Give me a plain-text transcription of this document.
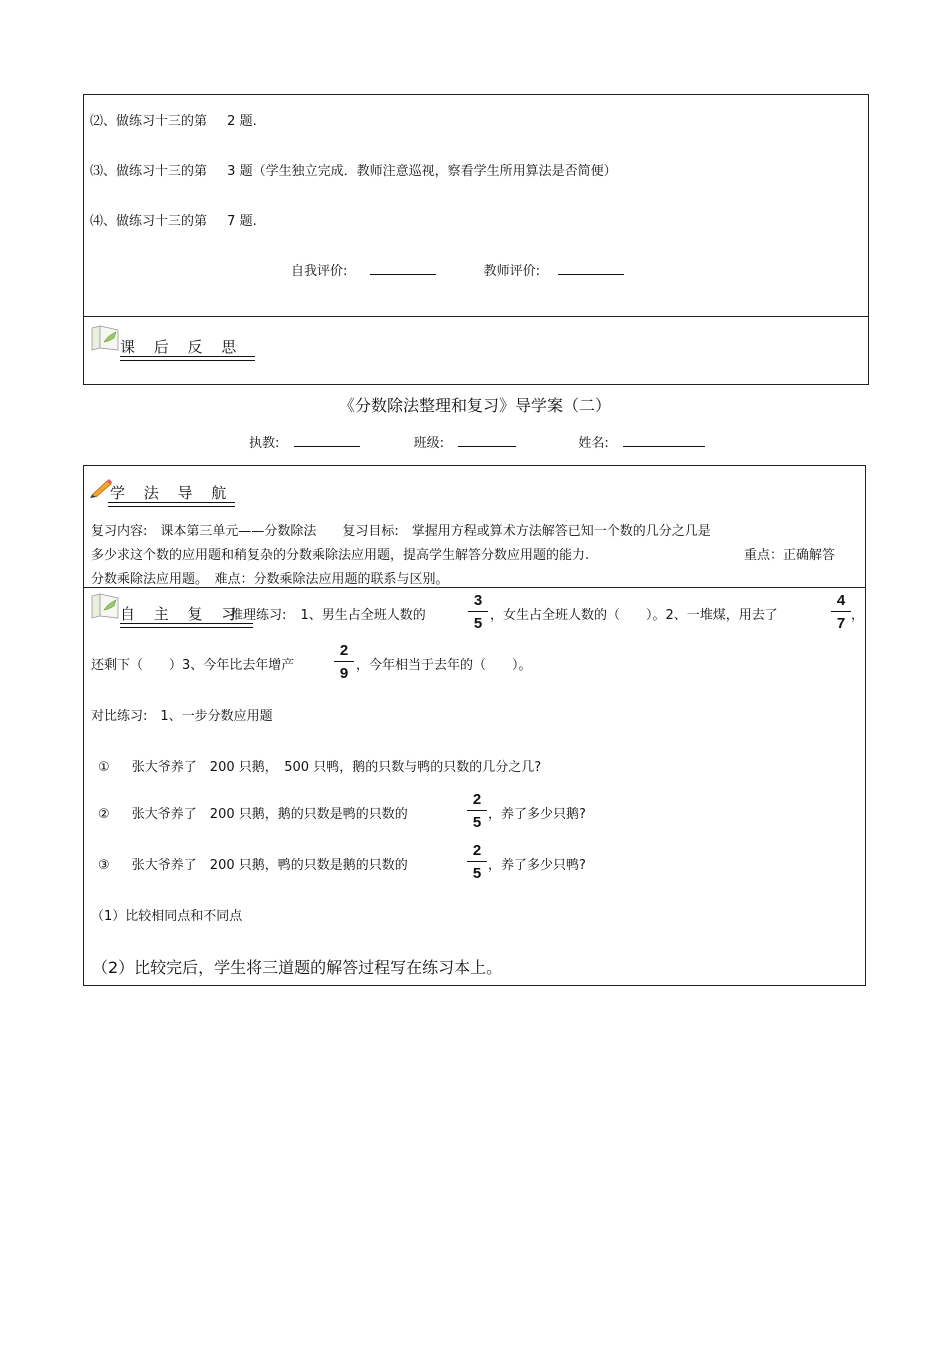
⑵、做练习十三的第 2 题.
⑶、做练习十三的第 3 题（学生独立完成．教师注意巡视，察看学生所用算法是否简便）
⑷、做练习十三的第 7 题.
自我评价:	教师评价:
课 后 反 思
《分数除法整理和复习》导学案（二）
执教:	班级:	姓名:
学 法 导 航
复习内容:　课本第三单元——分数除法　　复习目标:　掌握用方程或算术方法解答已知一个数的几分之几是
多少求这个数的应用题和稍复杂的分数乘除法应用题，提高学生解答分数应用题的能力.	重点：正确解答
分数乘除法应用题。　难点：分数乘除法应用题的联系与区别。
自 主 复 习
推理练习: 1、男生占全班人数的	$\frac{3}{5}$ ，女生占全班人数的（　　）。2、一堆煤，用去了	$\frac{4}{7}$ ，
还剩下（　　）3、今年比去年增产	$\frac{2}{9}$ ，今年相当于去年的（　　）。
对比练习:　1、一步分数应用题
① 张大爷养了　200 只鹅，　500 只鸭，鹅的只数与鸭的只数的几分之几?
② 张大爷养了　200 只鹅，鹅的只数是鸭的只数的	$\frac{2}{5}$ ，养了多少只鹅?
③ 张大爷养了　200 只鹅，鸭的只数是鹅的只数的	$\frac{2}{5}$ ，养了多少只鸭?
（1）比较相同点和不同点
（2）比较完后，学生将三道题的解答过程写在练习本上。
